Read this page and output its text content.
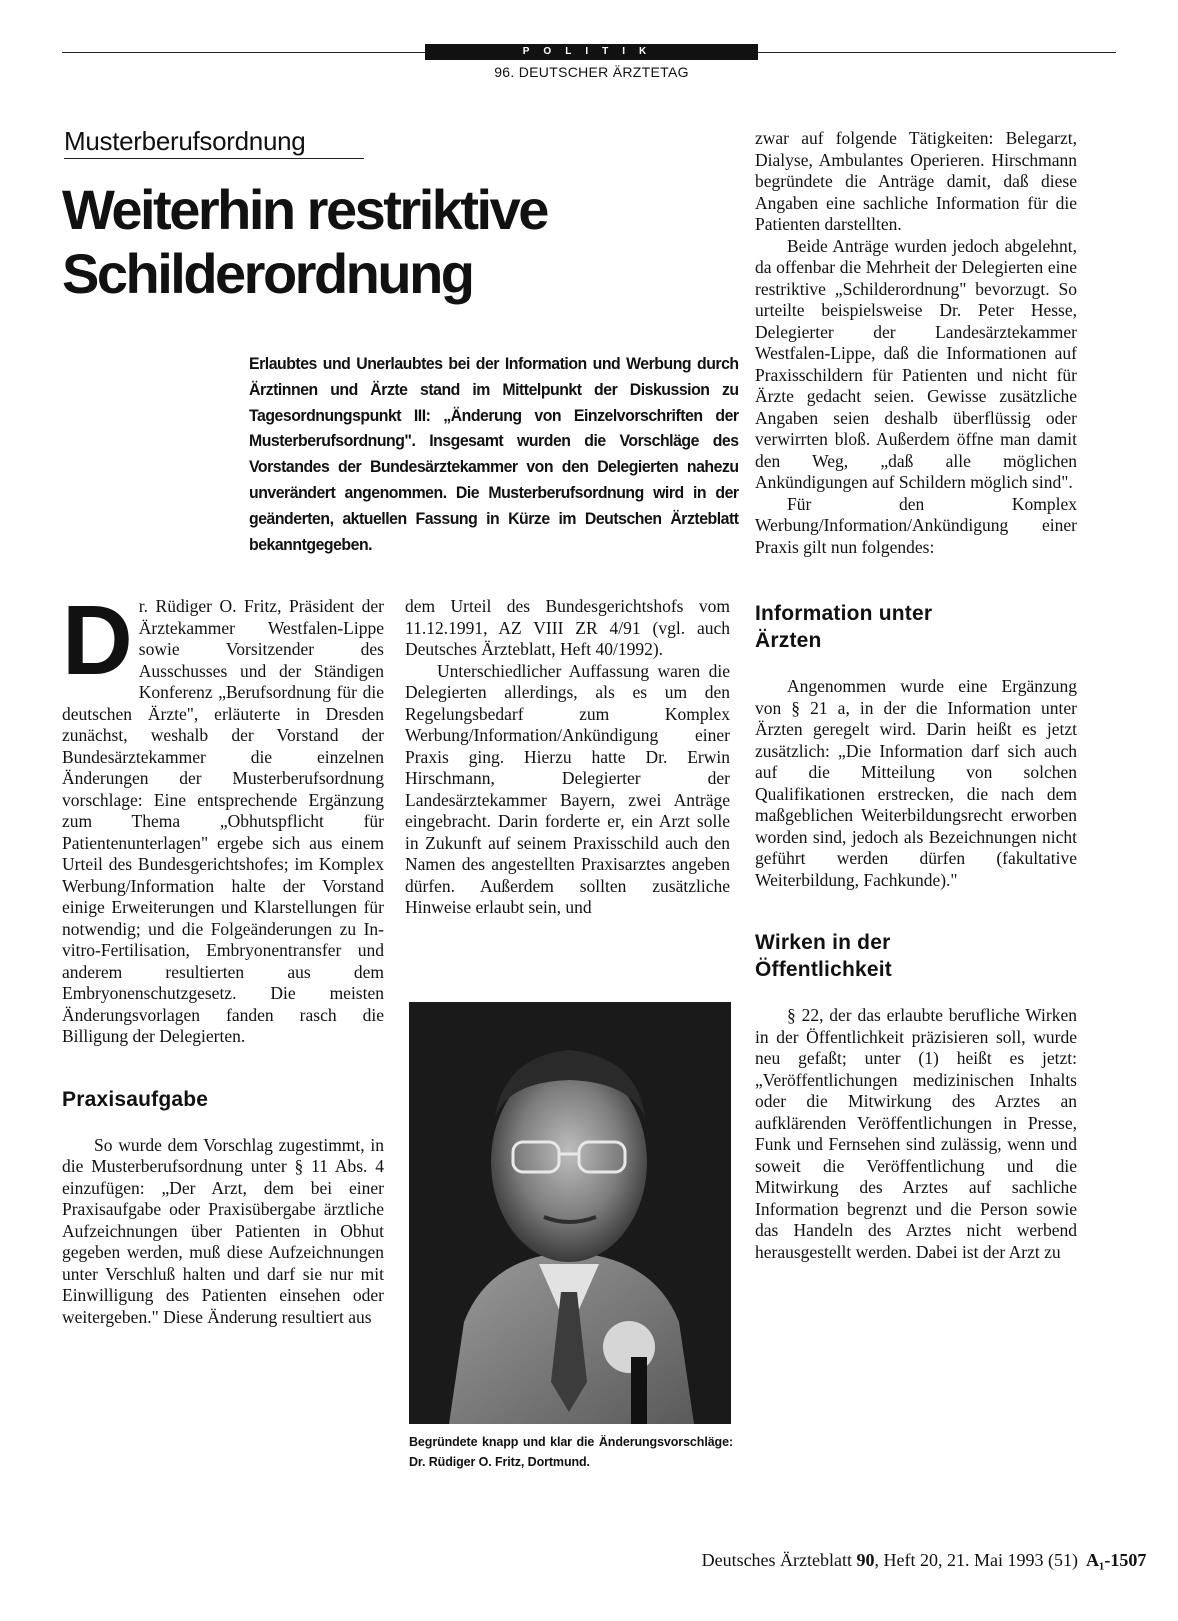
POLITIK
96. DEUTSCHER ÄRZTETAG
Musterberufsordnung
Weiterhin restriktive
Schilderordnung
Erlaubtes und Unerlaubtes bei der Information und Werbung durch Ärztinnen und Ärzte stand im Mittelpunkt der Diskussion zu Tagesordnungspunkt III: „Änderung von Einzelvorschriften der Musterberufsordnung". Insgesamt wurden die Vorschläge des Vorstandes der Bundesärztekammer von den Delegierten nahezu unverändert angenommen. Die Musterberufsordnung wird in der geänderten, aktuellen Fassung in Kürze im Deutschen Ärzteblatt bekanntgegeben.

Dr. Rüdiger O. Fritz, Präsident der Ärztekammer Westfalen-Lippe sowie Vorsitzender des Ausschusses und der Ständigen Konferenz „Berufsordnung für die deutschen Ärzte", erläuterte in Dresden zunächst, weshalb der Vorstand der Bundesärztekammer die einzelnen Änderungen der Musterberufsordnung vorschlage: Eine entsprechende Ergänzung zum Thema „Obhutspflicht für Patientenunterlagen" ergebe sich aus einem Urteil des Bundesgerichtshofes; im Komplex Werbung/Information halte der Vorstand einige Erweiterungen und Klarstellungen für notwendig; und die Folgeänderungen zu In-vitro-Fertilisation, Embryonentransfer und anderem resultierten aus dem Embryonenschutzgesetz. Die meisten Änderungsvorlagen fanden rasch die Billigung der Delegierten.

Praxisaufgabe

So wurde dem Vorschlag zugestimmt, in die Musterberufsordnung unter § 11 Abs. 4 einzufügen: „Der Arzt, dem bei einer Praxisaufgabe oder Praxisübergabe ärztliche Aufzeichnungen über Patienten in Obhut gegeben werden, muß diese Aufzeichnungen unter Verschluß halten und darf sie nur mit Einwilligung des Patienten einsehen oder weitergeben." Diese Änderung resultiert aus

dem Urteil des Bundesgerichtshofs vom 11.12.1991, AZ VIII ZR 4/91 (vgl. auch Deutsches Ärzteblatt, Heft 40/1992).

Unterschiedlicher Auffassung waren die Delegierten allerdings, als es um den Regelungsbedarf zum Komplex Werbung/Information/Ankündigung einer Praxis ging. Hierzu hatte Dr. Erwin Hirschmann, Delegierter der Landesärztekammer Bayern, zwei Anträge eingebracht. Darin forderte er, ein Arzt solle in Zukunft auf seinem Praxisschild auch den Namen des angestellten Praxisarztes angeben dürfen. Außerdem sollten zusätzliche Hinweise erlaubt sein, und

Begründete knapp und klar die Änderungsvorschläge: Dr. Rüdiger O. Fritz, Dortmund.

zwar auf folgende Tätigkeiten: Belegarzt, Dialyse, Ambulantes Operieren. Hirschmann begründete die Anträge damit, daß diese Angaben eine sachliche Information für die Patienten darstellten.

Beide Anträge wurden jedoch abgelehnt, da offenbar die Mehrheit der Delegierten eine restriktive „Schilderordnung" bevorzugt. So urteilte beispielsweise Dr. Peter Hesse, Delegierter der Landesärztekammer Westfalen-Lippe, daß die Informationen auf Praxisschildern für Patienten und nicht für Ärzte gedacht seien. Gewisse zusätzliche Angaben seien deshalb überflüssig oder verwirrten bloß. Außerdem öffne man damit den Weg, „daß alle möglichen Ankündigungen auf Schildern möglich sind".

Für den Komplex Werbung/Information/Ankündigung einer Praxis gilt nun folgendes:

Information unter
Ärzten

Angenommen wurde eine Ergänzung von § 21 a, in der die Information unter Ärzten geregelt wird. Darin heißt es jetzt zusätzlich: „Die Information darf sich auch auf die Mitteilung von solchen Qualifikationen erstrecken, die nach dem maßgeblichen Weiterbildungsrecht erworben worden sind, jedoch als Bezeichnungen nicht geführt werden dürfen (fakultative Weiterbildung, Fachkunde)."

Wirken in der
Öffentlichkeit

§ 22, der das erlaubte berufliche Wirken in der Öffentlichkeit präzisieren soll, wurde neu gefaßt; unter (1) heißt es jetzt: „Veröffentlichungen medizinischen Inhalts oder die Mitwirkung des Arztes an aufklärenden Veröffentlichungen in Presse, Funk und Fernsehen sind zulässig, wenn und soweit die Veröffentlichung und die Mitwirkung des Arztes auf sachliche Information begrenzt und die Person sowie das Handeln des Arztes nicht werbend herausgestellt werden. Dabei ist der Arzt zu

Deutsches Ärzteblatt 90, Heft 20, 21. Mai 1993 (51) A₁-1507
